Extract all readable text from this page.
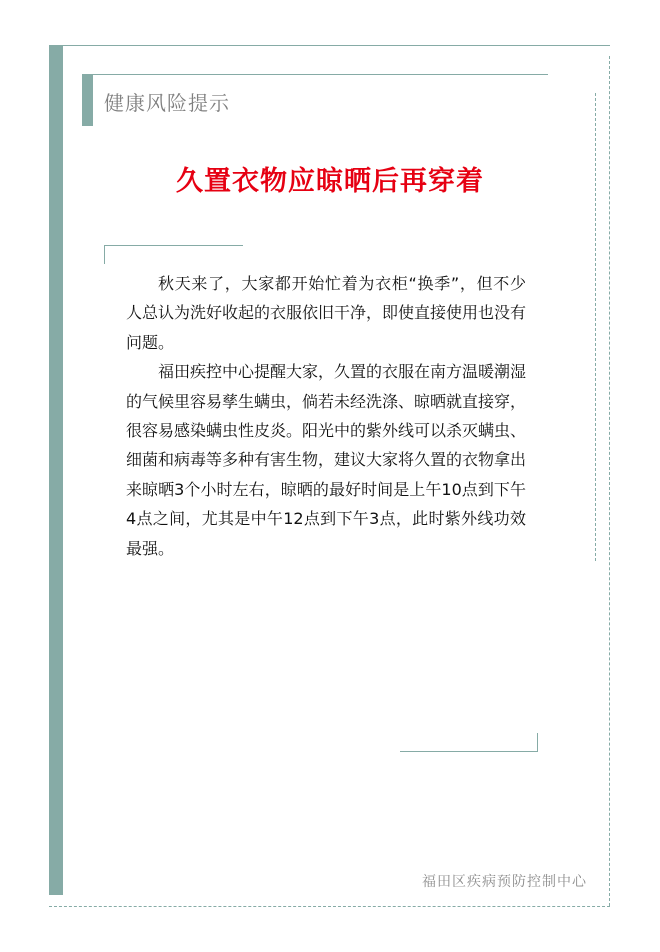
健康风险提示
久置衣物应晾晒后再穿着

秋天来了，大家都开始忙着为衣柜“换季”，但不少人总认为洗好收起的衣服依旧干净，即使直接使用也没有问题。

福田疾控中心提醒大家，久置的衣服在南方温暖潮湿的气候里容易孳生螨虫，倘若未经洗涤、晾晒就直接穿，很容易感染螨虫性皮炎。阳光中的紫外线可以杀灭螨虫、细菌和病毒等多种有害生物，建议大家将久置的衣物拿出来晾晒3个小时左右，晾晒的最好时间是上午10点到下午4点之间，尤其是中午12点到下午3点，此时紫外线功效最强。

福田区疾病预防控制中心
